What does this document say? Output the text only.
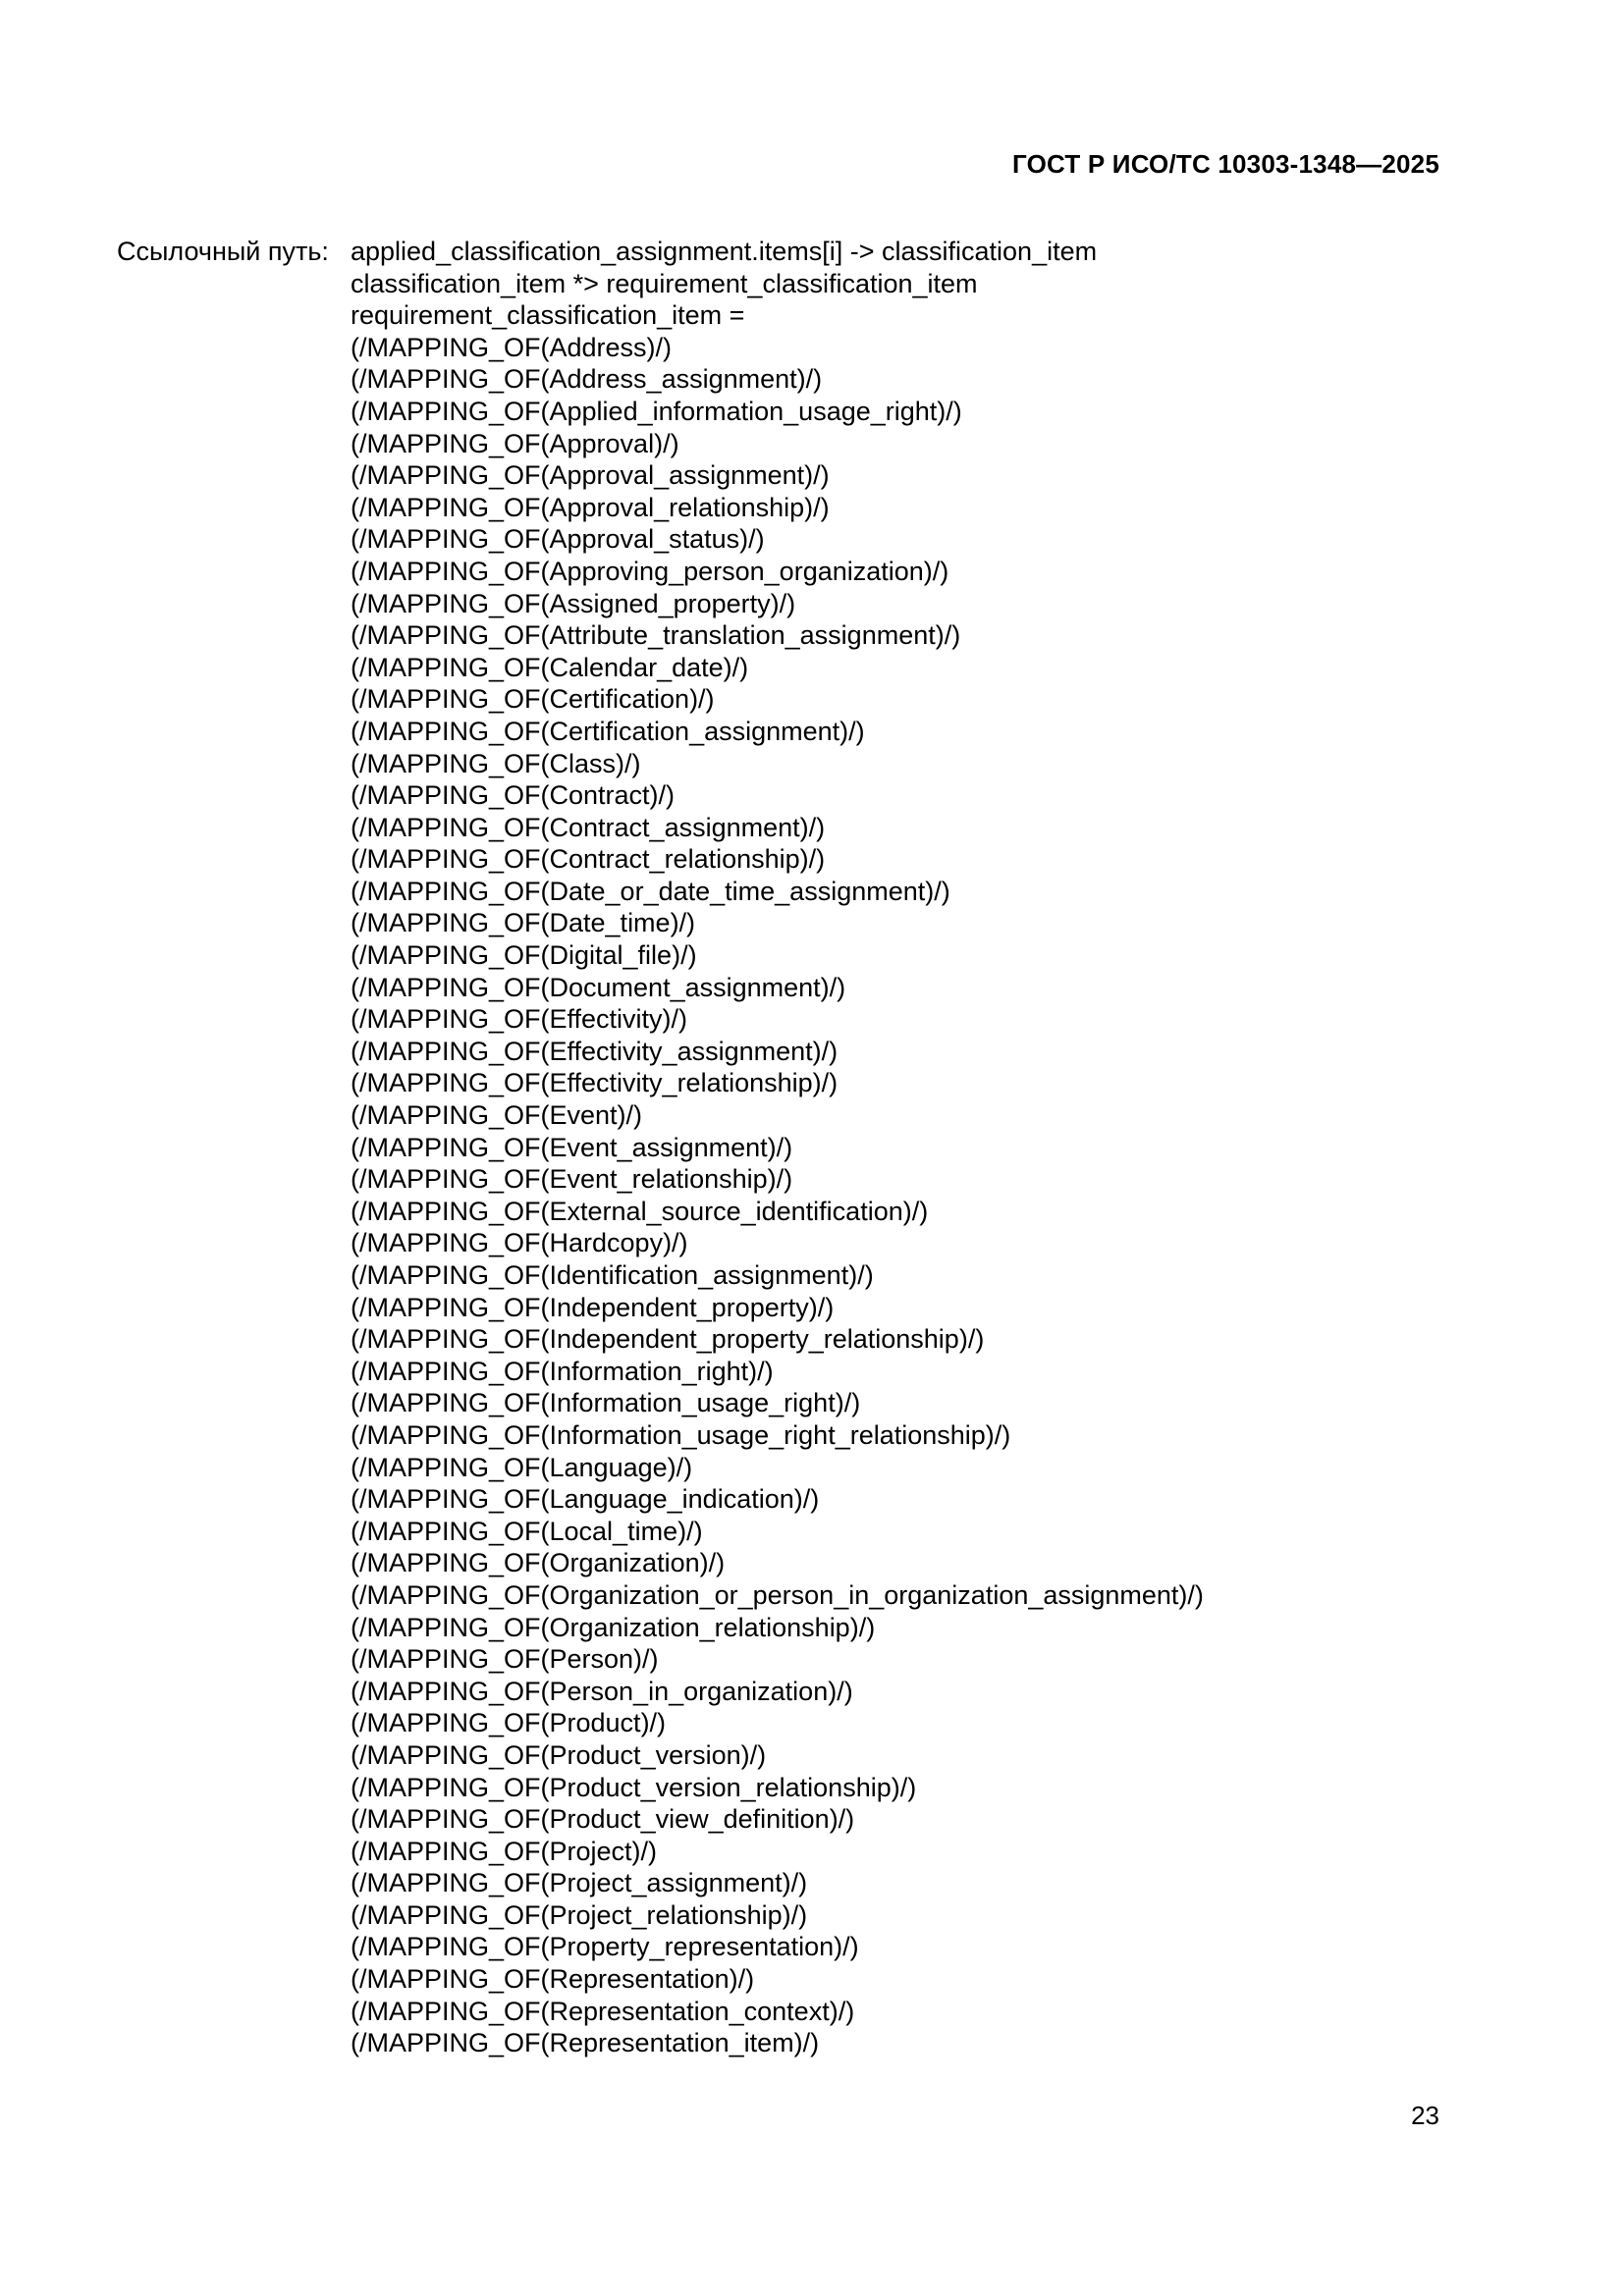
ГОСТ Р ИСО/ТС 10303-1348—2025
Ссылочный путь: applied_classification_assignment.items[i] -> classification_item
classification_item *> requirement_classification_item
requirement_classification_item =
(/MAPPING_OF(Address)/)
(/MAPPING_OF(Address_assignment)/)
(/MAPPING_OF(Applied_information_usage_right)/)
(/MAPPING_OF(Approval)/)
(/MAPPING_OF(Approval_assignment)/)
(/MAPPING_OF(Approval_relationship)/)
(/MAPPING_OF(Approval_status)/)
(/MAPPING_OF(Approving_person_organization)/)
(/MAPPING_OF(Assigned_property)/)
(/MAPPING_OF(Attribute_translation_assignment)/)
(/MAPPING_OF(Calendar_date)/)
(/MAPPING_OF(Certification)/)
(/MAPPING_OF(Certification_assignment)/)
(/MAPPING_OF(Class)/)
(/MAPPING_OF(Contract)/)
(/MAPPING_OF(Contract_assignment)/)
(/MAPPING_OF(Contract_relationship)/)
(/MAPPING_OF(Date_or_date_time_assignment)/)
(/MAPPING_OF(Date_time)/)
(/MAPPING_OF(Digital_file)/)
(/MAPPING_OF(Document_assignment)/)
(/MAPPING_OF(Effectivity)/)
(/MAPPING_OF(Effectivity_assignment)/)
(/MAPPING_OF(Effectivity_relationship)/)
(/MAPPING_OF(Event)/)
(/MAPPING_OF(Event_assignment)/)
(/MAPPING_OF(Event_relationship)/)
(/MAPPING_OF(External_source_identification)/)
(/MAPPING_OF(Hardcopy)/)
(/MAPPING_OF(Identification_assignment)/)
(/MAPPING_OF(Independent_property)/)
(/MAPPING_OF(Independent_property_relationship)/)
(/MAPPING_OF(Information_right)/)
(/MAPPING_OF(Information_usage_right)/)
(/MAPPING_OF(Information_usage_right_relationship)/)
(/MAPPING_OF(Language)/)
(/MAPPING_OF(Language_indication)/)
(/MAPPING_OF(Local_time)/)
(/MAPPING_OF(Organization)/)
(/MAPPING_OF(Organization_or_person_in_organization_assignment)/)
(/MAPPING_OF(Organization_relationship)/)
(/MAPPING_OF(Person)/)
(/MAPPING_OF(Person_in_organization)/)
(/MAPPING_OF(Product)/)
(/MAPPING_OF(Product_version)/)
(/MAPPING_OF(Product_version_relationship)/)
(/MAPPING_OF(Product_view_definition)/)
(/MAPPING_OF(Project)/)
(/MAPPING_OF(Project_assignment)/)
(/MAPPING_OF(Project_relationship)/)
(/MAPPING_OF(Property_representation)/)
(/MAPPING_OF(Representation)/)
(/MAPPING_OF(Representation_context)/)
(/MAPPING_OF(Representation_item)/)
23
